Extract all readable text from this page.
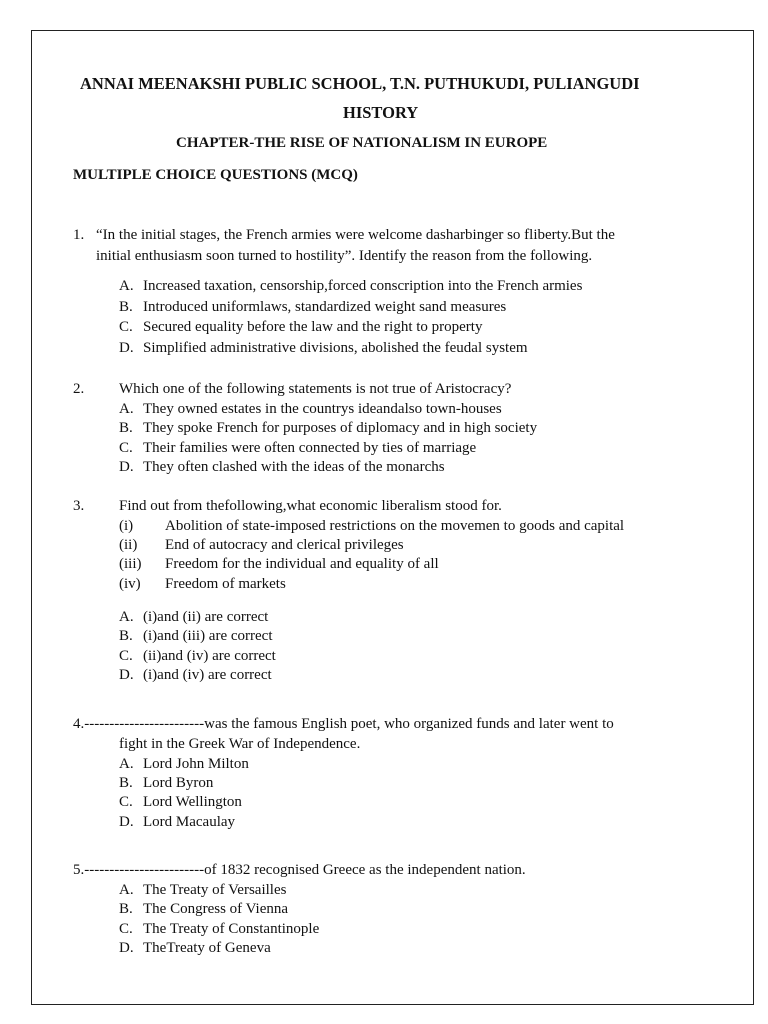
ANNAI MEENAKSHI PUBLIC SCHOOL, T.N. PUTHUKUDI, PULIANGUDI
HISTORY
CHAPTER-THE RISE OF NATIONALISM IN EUROPE
MULTIPLE CHOICE QUESTIONS (MCQ)
1. “In the initial stages, the French armies were welcome dasharbinger so fliberty.But the
initial enthusiasm soon turned to hostility”. Identify the reason from the following.
A. Increased taxation, censorship,forced conscription into the French armies
B. Introduced uniformlaws, standardized weight sand measures
C. Secured equality before the law and the right to property
D. Simplified administrative divisions, abolished the feudal system
2. Which one of the following statements is not true of Aristocracy?
A. They owned estates in the countrys ideandalso town-houses
B. They spoke French for purposes of diplomacy and in high society
C. Their families were often connected by ties of marriage
D. They often clashed with the ideas of the monarchs
3. Find out from thefollowing,what economic liberalism stood for.
(i) Abolition of state-imposed restrictions on the movemen to goods and capital
(ii) End of autocracy and clerical privileges
(iii) Freedom for the individual and equality of all
(iv) Freedom of markets
A. (i)and (ii) are correct
B. (i)and (iii) are correct
C. (ii)and (iv) are correct
D. (i)and (iv) are correct
4.------------------------was the famous English poet, who organized funds and later went to
fight in the Greek War of Independence.
A. Lord John Milton
B. Lord Byron
C. Lord Wellington
D. Lord Macaulay
5.------------------------of 1832 recognised Greece as the independent nation.
A. The Treaty of Versailles
B. The Congress of Vienna
C. The Treaty of Constantinople
D. TheTreaty of Geneva
